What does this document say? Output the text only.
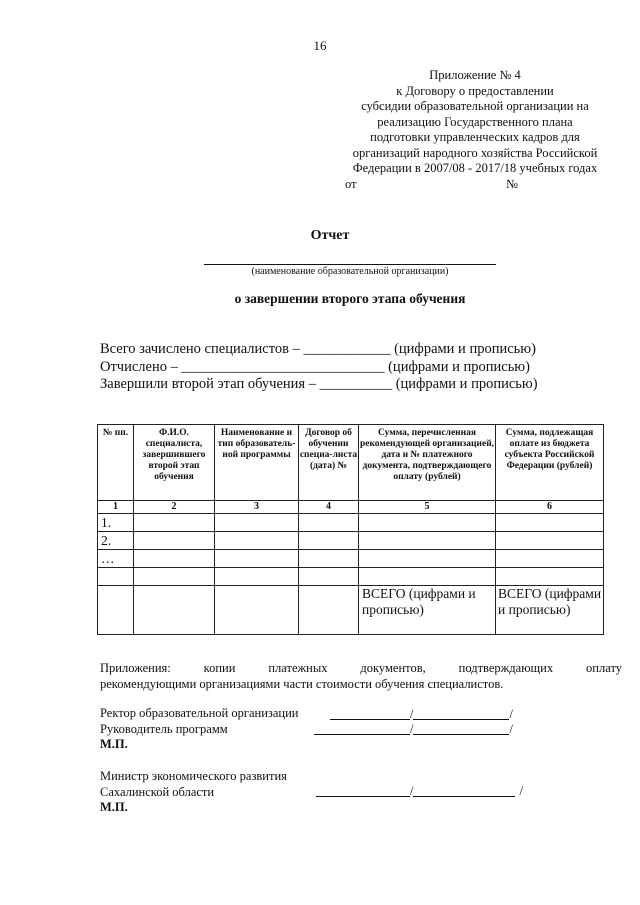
16
Приложение № 4
к Договору о предоставлении
субсидии образовательной организации на
реализацию Государственного плана
подготовки управленческих кадров для
организаций народного хозяйства Российской
Федерации в 2007/08 - 2017/18 учебных годах
от	№
Отчет
(наименование образовательной организации)
о завершении второго этапа обучения
Всего зачислено специалистов – ____________ (цифрами и прописью)
Отчислено – ____________________________ (цифрами и прописью)
Завершили второй этап обучения – __________ (цифрами и прописью)
№ пп.	Ф.И.О. специалиста, завершившего второй этап обучения	Наименование и тип образователь-ной программы	Договор об обучении специа-листа (дата) №	Сумма, перечисленная рекомендующей организацией, дата и № платежного документа, подтверждающего оплату (рублей)	Сумма, подлежащая оплате из бюджета субъекта Российской Федерации (рублей)
1	2	3	4	5	6
1.					
2.					
…					

				ВСЕГО (цифрами и прописью)	ВСЕГО (цифрами и прописью)
Приложения: копии платежных документов, подтверждающих оплату
рекомендующими организациями части стоимости обучения специалистов.
Ректор образовательной организации
Руководитель программ
М.П.
/	/
/	/
Министр экономического развития
Сахалинской области
М.П.
/	/
